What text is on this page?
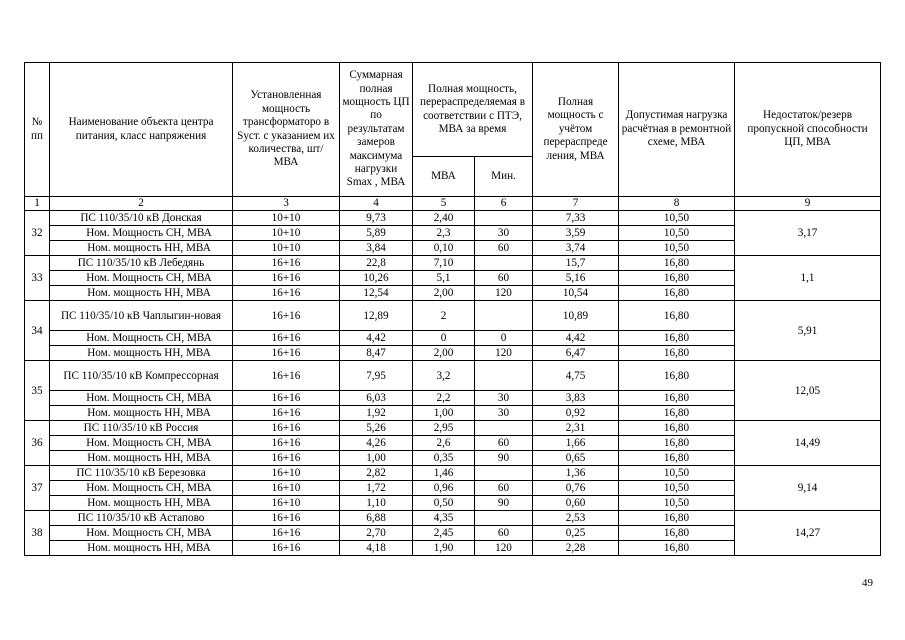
№ пп	Наименование объекта центра питания, класс напряжения	Установленная мощность трансформаторо в Sуст. с указанием их количества, шт/ МВА	Суммарная полная мощность ЦП по результатам замеров максимума нагрузки Smax , МВА	Полная мощность, перераспределяемая в соответствии с ПТЭ, МВА за время		Полная мощность с учётом перераспреде ления, МВА	Допустимая нагрузка расчётная в ремонтной схеме, МВА	Недостаток/резерв пропускной способности ЦП, МВА
				МВА	Мин.			
1	2	3	4	5	6	7	8	9
32	ПС 110/35/10 кВ Донская	10+10	9,73	2,40		7,33	10,50	3,17
	Ном. Мощность СН, МВА	10+10	5,89	2,3	30	3,59	10,50	
	Ном. мощность НН, МВА	10+10	3,84	0,10	60	3,74	10,50	
33	ПС 110/35/10 кВ Лебедянь	16+16	22,8	7,10		15,7	16,80	1,1
	Ном. Мощность СН, МВА	16+16	10,26	5,1	60	5,16	16,80	
	Ном. мощность НН, МВА	16+16	12,54	2,00	120	10,54	16,80	
34	ПС 110/35/10 кВ Чаплыгин-новая	16+16	12,89	2		10,89	16,80	5,91
	Ном. Мощность СН, МВА	16+16	4,42	0	0	4,42	16,80	
	Ном. мощность НН, МВА	16+16	8,47	2,00	120	6,47	16,80	
35	ПС 110/35/10 кВ Компрессорная	16+16	7,95	3,2		4,75	16,80	12,05
	Ном. Мощность СН, МВА	16+16	6,03	2,2	30	3,83	16,80	
	Ном. мощность НН, МВА	16+16	1,92	1,00	30	0,92	16,80	
36	ПС 110/35/10 кВ Россия	16+16	5,26	2,95		2,31	16,80	14,49
	Ном. Мощность СН, МВА	16+16	4,26	2,6	60	1,66	16,80	
	Ном. мощность НН, МВА	16+16	1,00	0,35	90	0,65	16,80	
37	ПС 110/35/10 кВ Березовка	16+10	2,82	1,46		1,36	10,50	9,14
	Ном. Мощность СН, МВА	16+10	1,72	0,96	60	0,76	10,50	
	Ном. мощность НН, МВА	16+10	1,10	0,50	90	0,60	10,50	
38	ПС 110/35/10 кВ Астапово	16+16	6,88	4,35		2,53	16,80	14,27
	Ном. Мощность СН, МВА	16+16	2,70	2,45	60	0,25	16,80	
	Ном. мощность НН, МВА	16+16	4,18	1,90	120	2,28	16,80	
49
